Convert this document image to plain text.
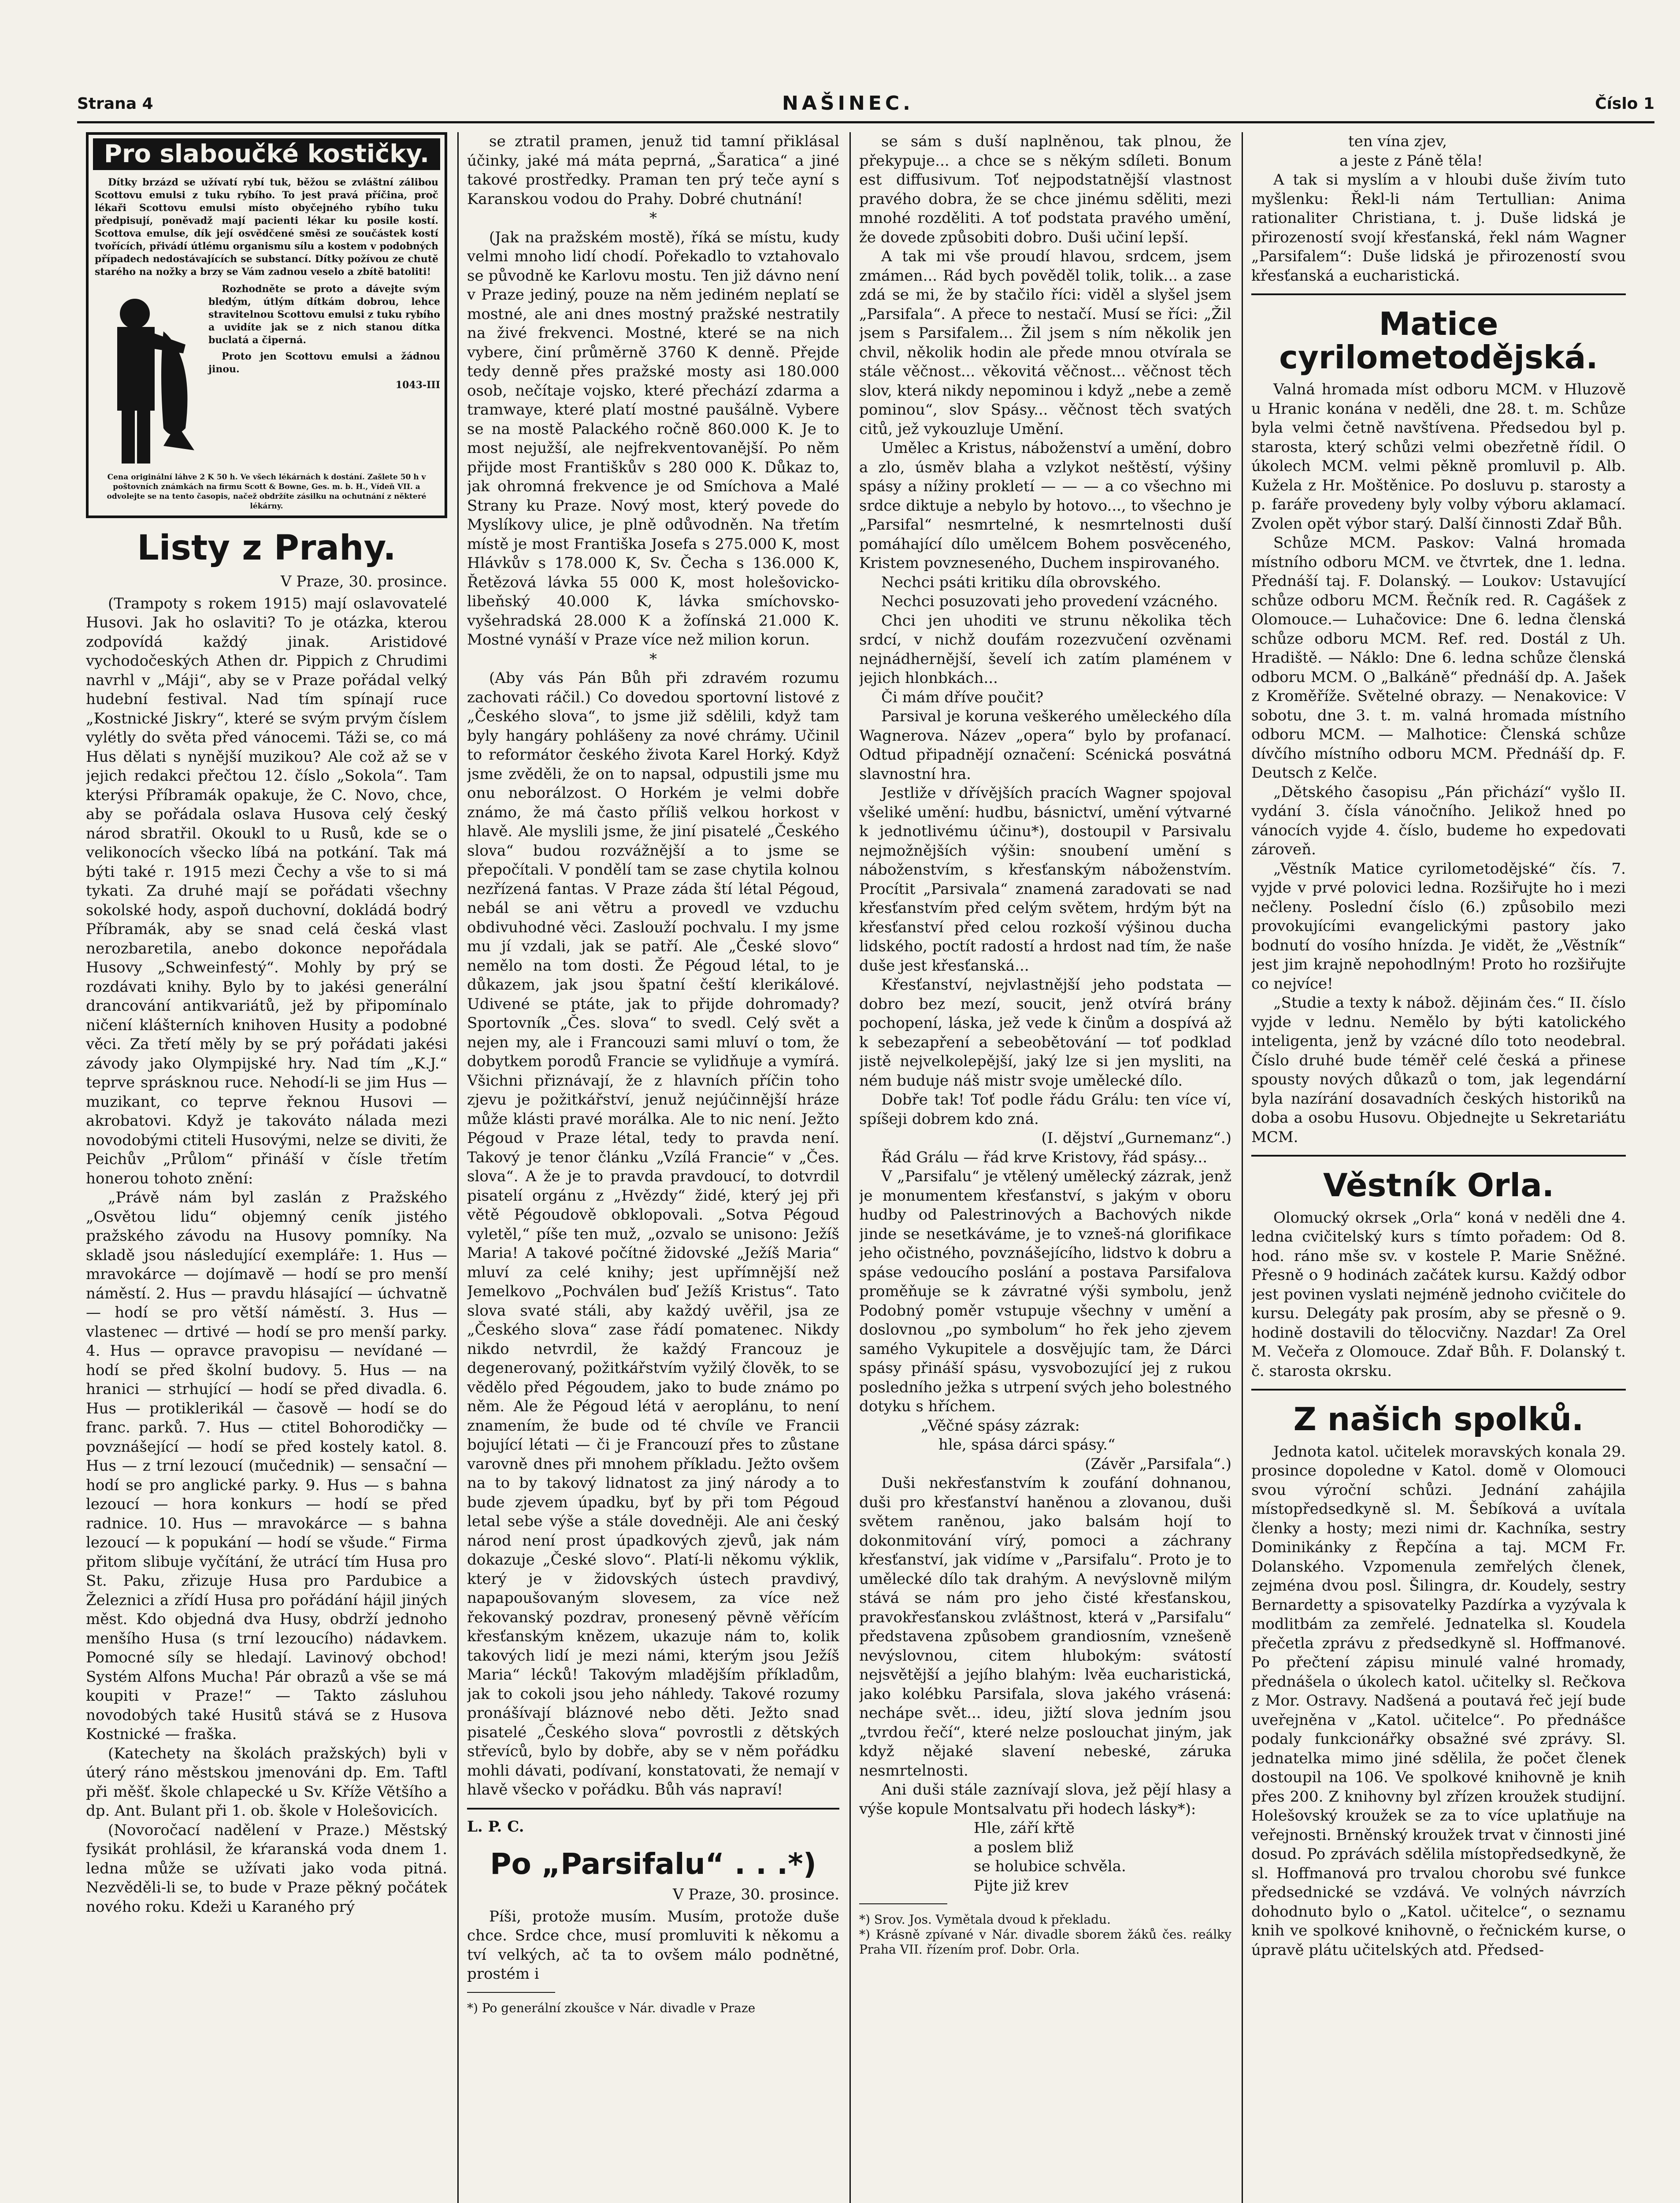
Strana 4	NAŠINEC.	Číslo 1
Pro slaboučké kostičky.

Dítky brzázd se užívatí rybí tuk, běžou se zvláštní zálibou Scottovu emulsi z tuku rybího. To jest pravá příčina, proč lékaři Scottovu emulsi místo obyčejného rybího tuku předpisují, poněvadž mají pacienti lékar ku posile kostí. Scottova emulse, dík její osvědčené směsi ze součástek kostí tvořících, přivádí útlému organismu sílu a kostem v podobných případech nedostávajících se substancí. Dítky požívou ze chutě starého na nožky a brzy se Vám zadnou veselo a zbítě batoliti!

Rozhodněte se proto a dávejte svým bledým, útlým dítkám dobrou, lehce stravitelnou Scottovu emulsi z tuku rybího a uvidíte jak se z nich stanou dítka buclatá a čiperná.

Proto jen Scottovu emulsi a žádnou jinou.

1043-III

Cena originální láhve 2 K 50 h. Ve všech lékárnách k dostání. Zašlete 50 h v poštovních známkách na firmu Scott & Bowne, Ges. m. b. H., Vídeň VII. a odvolejte se na tento časopis, načež obdržíte zásilku na ochutnání z některé lékárny.

Listy z Prahy.

V Praze, 30. prosince.

(Trampoty s rokem 1915) mají oslavovatelé Husovi. Jak ho oslaviti? To je otázka, kterou zodpovídá každý jinak. Aristidové vychodočeských Athen dr. Pippich z Chrudimi navrhl v „Máji“, aby se v Praze pořádal velký hudební festival. Nad tím spínají ruce „Kostnické Jiskry“, které se svým prvým číslem vylétly do světa před vánocemi. Táži se, co má Hus dělati s nynější muzikou? Ale což až se v jejich redakci přečtou 12. číslo „Sokola“. Tam kterýsi Příbramák opakuje, že C. Novo, chce, aby se pořádala oslava Husova celý český národ sbratřil. Okoukl to u Rusů, kde se o velikonocích všecko líbá na potkání. Tak má býti také r. 1915 mezi Čechy a vše to si má tykati. Za druhé mají se pořádati všechny sokolské hody, aspoň duchovní, dokládá bodrý Příbramák, aby se snad celá česká vlast nerozbaretila, anebo dokonce nepořádala Husovy „Schweinfestý“. Mohly by prý se rozdávati knihy. Bylo by to jakési generální drancování antikvariátů, jež by připomínalo ničení klášterních knihoven Husity a podobné věci. Za třetí měly by se prý pořádati jakési závody jako Olympijské hry. Nad tím „K.J.“ teprve sprásknou ruce. Nehodí-li se jim Hus — muzikant, co teprve řeknou Husovi — akrobatovi. Když je takováto nálada mezi novodobými ctiteli Husovými, nelze se diviti, že Peichův „Průlom“ přináší v čísle třetím honerou tohoto znění:

„Právě nám byl zaslán z Pražského „Osvětou lidu“ objemný ceník jistého pražského závodu na Husovy pomníky. Na skladě jsou následující exempláře: 1. Hus — mravokárce — dojímavě — hodí se pro menší náměstí. 2. Hus — pravdu hlásající — úchvatně — hodí se pro větší náměstí. 3. Hus — vlastenec — drtivé — hodí se pro menší parky. 4. Hus — opravce pravopisu — nevídané — hodí se před školní budovy. 5. Hus — na hranici — strhující — hodí se před divadla. 6. Hus — protiklerikál — časově — hodí se do franc. parků. 7. Hus — ctitel Bohorodičky — povznášející — hodí se před kostely katol. 8. Hus — z trní lezoucí (mučednik) — sensační — hodí se pro anglické parky. 9. Hus — s bahna lezoucí — hora konkurs — hodí se před radnice. 10. Hus — mravokárce — s bahna lezoucí — k popukání — hodí se všude.“ Firma přitom slibuje vyčítání, že utrácí tím Husa pro St. Paku, zřizuje Husa pro Pardubice a Železnici a zřídí Husa pro pořádání hájil jiných měst. Kdo objedná dva Husy, obdrží jednoho menšího Husa (s trní lezoucího) nádavkem. Pomocné síly se hledají. Lavinový obchod! Systém Alfons Mucha! Pár obrazů a vše se má koupiti v Praze!“ — Takto zásluhou novodobých také Husitů stává se z Husova Kostnické — fraška.

(Katechety na školách pražských) byli v úterý ráno městskou jmenováni dp. Em. Taftl při měšť. škole chlapecké u Sv. Kříže Většího a dp. Ant. Bulant při 1. ob. škole v Holešovicích.

(Novoročací nadělení v Praze.) Městský fysikát prohlásil, že kŕaranská voda dnem 1. ledna může se užívati jako voda pitná. Nezvěděli-li se, to bude v Praze pěkný počátek nového roku. Kdeži u Karaného prý

se ztratil pramen, jenuž tid tamní přiklásal účinky, jaké má máta peprná, „Šaratica“ a jiné takové prostředky. Praman ten prý teče ayní s Karanskou vodou do Prahy. Dobré chutnání!

*

(Jak na pražském mostě), říká se místu, kudy velmi mnoho lidí chodí. Pořekadlo to vztahovalo se původně ke Karlovu mostu. Ten již dávno není v Praze jediný, pouze na něm jediném neplatí se mostné, ale ani dnes mostný pražské nestratily na živé frekvenci. Mostné, které se na nich vybere, činí průměrně 3760 K denně. Přejde tedy denně přes pražské mosty asi 180.000 osob, nečítaje vojsko, které přechází zdarma a tramwaye, které platí mostné paušálně. Vybere se na mostě Palackého ročně 860.000 K. Je to most nejužší, ale nejfrekventovanější. Po něm přijde most Františkův s 280 000 K. Důkaz to, jak ohromná frekvence je od Smíchova a Malé Strany ku Praze. Nový most, který povede do Myslíkovy ulice, je plně odůvodněn. Na třetím místě je most Františka Josefa s 275.000 K, most Hlávkův s 178.000 K, Sv. Čecha s 136.000 K, Řetězová lávka 55 000 K, most holešovicko-libeňský 40.000 K, lávka smíchovsko-vyšehradská 28.000 K a žofínská 21.000 K. Mostné vynáší v Praze více než milion korun.

*

(Aby vás Pán Bůh při zdravém rozumu zachovati ráčil.) Co dovedou sportovní listové z „Českého slova“, to jsme již sdělili, když tam byly hangáry pohlášeny za nové chrámy. Učinil to reformátor českého života Karel Horký. Když jsme zvěděli, že on to napsal, odpustili jsme mu onu neborálzost. O Horkém je velmi dobře známo, že má často příliš velkou horkost v hlavě. Ale myslili jsme, že jiní pisatelé „Českého slova“ budou rozvážnější a to jsme se přepočítali. V pondělí tam se zase chytila kolnou nezřízená fantas. V Praze záda ští létal Pégoud, nebál se ani větru a provedl ve vzduchu obdivuhodné věci. Zaslouží pochvalu. I my jsme mu jí vzdali, jak se patří. Ale „České slovo“ nemělo na tom dosti. Že Pégoud létal, to je důkazem, jak jsou špatní čeští klerikálové. Udivené se ptáte, jak to přijde dohromady? Sportovník „Čes. slova“ to svedl. Celý svět a nejen my, ale i Francouzi sami mluví o tom, že dobytkem porodů Francie se vylidňuje a vymírá. Všichni přiznávají, že z hlavních příčin toho zjevu je požitkářství, jenuž nejúčinnější hráze může klásti pravé morálka. Ale to nic není. Ježto Pégoud v Praze létal, tedy to pravda není. Takový je tenor článku „Vzílá Francie“ v „Čes. slova“. A že je to pravda pravdoucí, to dotvrdil pisatelí orgánu z „Hvězdy“ židé, který jej při větě Pégoudově obklopovali. „Sotva Pégoud vyletěl,“ píše ten muž, „ozvalo se unisono: Ježíš Maria! A takové počítné židovské „Ježíš Maria“ mluví za celé knihy; jest upřímnější než Jemelkovo „Pochválen buď Ježíš Kristus“. Tato slova svaté stáli, aby každý uvěřil, jsa ze „Českého slova“ zase řádí pomatenec. Nikdy nikdo netvrdil, že každý Francouz je degenerovaný, požitkářstvím vyžilý člověk, to se vědělo před Pégoudem, jako to bude známo po něm. Ale že Pégoud létá v aeroplánu, to není znamením, že bude od té chvíle ve Francii bojující létati — či je Francouzí přes to zůstane varovně dnes při mnohem příkladu. Ježto ovšem na to by takový lidnatost za jiný národy a to bude zjevem úpadku, byť by při tom Pégoud letal sebe výše a stále dovedněji. Ale ani český národ není prost úpadkových zjevů, jak nám dokazuje „České slovo“. Platí-li někomu výklik, který je v židovských ústech pravdivý, napapoušovaným slovesem, za více než řekovanský pozdrav, pronesený pěvně věřícím křesťanským knězem, ukazuje nám to, kolik takových lidí je mezi námi, kterým jsou Ježíš Maria“ lécků! Takovým mladějším příkladům, jak to cokoli jsou jeho náhledy. Takové rozumy pronášívají bláznové nebo děti. Ježto snad pisatelé „Českého slova“ povrostli z dětských střevíců, bylo by dobře, aby se v něm pořádku mohli dávati, podívaní, konstatovati, že nemají v hlavě všecko v pořádku. Bůh vás napraví!

L. P. C.

Po „Parsifalu“ . . .*)

V Praze, 30. prosince.

Píši, protože musím. Musím, protože duše chce. Srdce chce, musí promluviti k někomu a tví velkých, ač ta to ovšem málo podnětné, prostém i

*) Po generální zkoušce v Nár. divadle v Praze

se sám s duší naplněnou, tak plnou, že překypuje... a chce se s někým sdíleti. Bonum est diffusivum. Toť nejpodstatnější vlastnost pravého dobra, že se chce jinému sděliti, mezi mnohé rozděliti. A toť podstata pravého umění, že dovede způsobiti dobro. Duši učiní lepší.

A tak mi vše proudí hlavou, srdcem, jsem zmámen... Rád bych pověděl tolik, tolik... a zase zdá se mi, že by stačilo říci: viděl a slyšel jsem „Parsifala“. A přece to nestačí. Musí se říci: „Žil jsem s Parsifalem... Žil jsem s ním několik jen chvil, několik hodin ale přede mnou otvírala se stále věčnost... věkovitá věčnost... věčnost těch slov, která nikdy nepominou i když „nebe a země pominou“, slov Spásy... věčnost těch svatých citů, jež vykouzluje Umění.

Umělec a Kristus, náboženství a umění, dobro a zlo, úsměv blaha a vzlykot neštěstí, výšiny spásy a nížiny prokletí — — — a co všechno mi srdce diktuje a nebylo by hotovo..., to všechno je „Parsifal“ nesmrtelné, k nesmrtelnosti duší pomáhající dílo umělcem Bohem posvěceného, Kristem povzneseného, Duchem inspirovaného.

Nechci psáti kritiku díla obrovského.

Nechci posuzovati jeho provedení vzácného.

Chci jen uhoditi ve strunu několika těch srdcí, v nichž doufám rozezvučení ozvěnami nejnádhernější, ševelí ich zatím plaménem v jejich hlonbkách...

Či mám dříve poučit?

Parsival je koruna veškerého uměleckého díla Wagnerova. Název „opera“ bylo by profanací. Odtud připadnějí označení: Scénická posvátná slavnostní hra.

Jestliže v dřívějších pracích Wagner spojoval všeliké umění: hudbu, básnictví, umění výtvarné k jednotlivému účinu*), dostoupil v Parsivalu nejmožnějších výšin: snoubení umění s náboženstvím, s křesťanským náboženstvím. Procítit „Parsivala“ znamená zaradovati se nad křesťanstvím před celým světem, hrdým být na křesťanství před celou rozkoší výšinou ducha lidského, poctít radostí a hrdost nad tím, že naše duše jest křesťanská...

Křesťanství, nejvlastnější jeho podstata — dobro bez mezí, soucit, jenž otvírá brány pochopení, láska, jež vede k činům a dospívá až k sebezapření a sebeobětování — toť podklad jistě nejvelkolepější, jaký lze si jen mysliti, na ném buduje náš mistr svoje umělecké dílo.

Dobře tak! Toť podle řádu Grálu: ten více ví, spíšeji dobrem kdo zná.

(I. dějství „Gurnemanz“.)

Řád Grálu — řád krve Kristovy, řád spásy...

V „Parsifalu“ je vtělený umělecký zázrak, jenž je monumentem křesťanství, s jakým v oboru hudby od Palestrinových a Bachových nikde jinde se nesetkáváme, je to vzneš-ná glorifikace jeho očistného, povznášejícího, lidstvo k dobru a spáse vedoucího poslání a postava Parsifalova proměňuje se k závratné výši symbolu, jenž Podobný poměr vstupuje všechny v umění a doslovnou „po symbolum“ ho řek jeho zjevem samého Vykupitele a dosvějujíc tam, že Dárci spásy přináší spásu, vysvobozující jej z rukou posledního ježka s utrpení svých jeho bolestného dotyku s hříchem.

„Věčné spásy zázrak:

hle, spása dárci spásy.“

(Závěr „Parsifala“.)

Duši nekřesťanstvím k zoufání dohnanou, duši pro křesťanství haněnou a zlovanou, duši světem raněnou, jako balsám hojí to dokonmitování vírý, pomoci a záchrany křesťanství, jak vidíme v „Parsifalu“. Proto je to umělecké dílo tak drahým. A nevýslovně milým stává se nám pro jeho čisté křesťanskou, pravokřesťanskou zvláštnost, která v „Parsifalu“ představena způsobem grandiosním, vznešeně nevýslovnou, citem hlubokým: svátostí nejsvětější a jejího blahým: lvěa eucharistická, jako kolébku Parsifala, slova jakého vrásená: nechápe svět... ideu, jižtí slova jedním jsou „tvrdou řečí“, které nelze poslouchat jiným, jak když nějaké slavení nebeské, záruka nesmrtelnosti.

Ani duši stále zaznívají slova, jež pějí hlasy a výše kopule Montsalvatu při hodech lásky*):

Hle, září křtě

a poslem bliž

se holubice schvěla.

Pijte již krev

*) Srov. Jos. Vymětala dvoud k překladu.

*) Krásně zpívané v Nár. divadle sborem žáků čes. reálky Praha VII. řízením prof. Dobr. Orla.

ten vína zjev,

a jeste z Páně těla!

A tak si myslím a v hloubi duše živím tuto myšlenku: Řekl-li nám Tertullian: Anima rationaliter Christiana, t. j. Duše lidská je přirozeností svojí křesťanská, řekl nám Wagner „Parsifalem“: Duše lidská je přirozeností svou křesťanská a eucharistická.

Matice cyrilometodějská.

Valná hromada míst odboru MCM. v Hluzově u Hranic konána v neděli, dne 28. t. m. Schůze byla velmi četně navštívena. Předsedou byl p. starosta, který schůzi velmi obezřetně řídil. O úkolech MCM. velmi pěkně promluvil p. Alb. Kužela z Hr. Moštěnice. Po dosluvu p. starosty a p. faráře provedeny byly volby výboru aklamací. Zvolen opět výbor starý. Další činnosti Zdař Bůh.

Schůze MCM. Paskov: Valná hromada místního odboru MCM. ve čtvrtek, dne 1. ledna. Přednáší taj. F. Dolanský. — Loukov: Ustavující schůze odboru MCM. Řečník red. R. Cagášek z Olomouce.— Luhačovice: Dne 6. ledna členská schůze odboru MCM. Ref. red. Dostál z Uh. Hradiště. — Náklo: Dne 6. ledna schůze členská odboru MCM. O „Balkáně“ přednáší dp. A. Jašek z Kroměříže. Světelné obrazy. — Nenakovice: V sobotu, dne 3. t. m. valná hromada místního odboru MCM. — Malhotice: Členská schůze dívčího místního odboru MCM. Přednáší dp. F. Deutsch z Kelče.

„Dětského časopisu „Pán přichází“ vyšlo II. vydání 3. čísla vánočního. Jelikož hned po vánocích vyjde 4. číslo, budeme ho expedovati zároveň.

„Věstník Matice cyrilometodějské“ čís. 7. vyjde v prvé polovici ledna. Rozšiřujte ho i mezi nečleny. Poslední číslo (6.) způsobilo mezi provokujícími evangelickými pastory jako bodnutí do vosího hnízda. Je vidět, že „Věstník“ jest jim krajně nepohodlným! Proto ho rozšiřujte co nejvíce!

„Studie a texty k nábož. dějinám čes.“ II. číslo vyjde v lednu. Nemělo by býti katolického inteligenta, jenž by vzácné dílo toto neodebral. Číslo druhé bude téměř celé česká a přinese spousty nových důkazů o tom, jak legendární byla nazírání dosavadních českých historiků na doba a osobu Husovu. Objednejte u Sekretariátu MCM.

Věstník Orla.

Olomucký okrsek „Orla“ koná v neděli dne 4. ledna cvičitelský kurs s tímto pořadem: Od 8. hod. ráno mše sv. v kostele P. Marie Sněžné. Přesně o 9 hodinách začátek kursu. Každý odbor jest povinen vyslati nejméně jednoho cvičitele do kursu. Delegáty pak prosím, aby se přesně o 9. hodině dostavili do tělocvičny. Nazdar! Za Orel M. Večeřa z Olomouce. Zdař Bůh. F. Dolanský t. č. starosta okrsku.

Z našich spolků.

Jednota katol. učitelek moravských konala 29. prosince dopoledne v Katol. domě v Olomouci svou výroční schůzi. Jednání zahájila místopředsedkyně sl. M. Šebíková a uvítala členky a hosty; mezi nimi dr. Kachníka, sestry Dominikánky z Řepčína a taj. MCM Fr. Dolanského. Vzpomenula zemřelých členek, zejména dvou posl. Šilingra, dr. Koudely, sestry Bernardetty a spisovatelky Pazdírka a vyzývala k modlitbám za zemřelé. Jednatelka sl. Koudela přečetla zprávu z předsedkyně sl. Hoffmanové. Po přečtení zápisu minulé valné hromady, přednášela o úkolech katol. učitelky sl. Rečkova z Mor. Ostravy. Nadšená a poutavá řeč její bude uveřejněna v „Katol. učitelce“. Po přednášce podaly funkcionářky obsažné své zprávy. Sl. jednatelka mimo jiné sdělila, že počet členek dostoupil na 106. Ve spolkové knihovně je knih přes 200. Z knihovny byl zřízen kroužek studijní. Holešovský kroužek se za to více uplatňuje na veřejnosti. Brněnský kroužek trvat v činnosti jiné dosud. Po zprávách sdělila místopředsedkyně, že sl. Hoffmanová pro trvalou chorobu své funkce předsednické se vzdává. Ve volných návrzích dohodnuto bylo o „Katol. učitelce“, o seznamu knih ve spolkové knihovně, o řečnickém kurse, o úpravě plátu učitelských atd. Předsed-
